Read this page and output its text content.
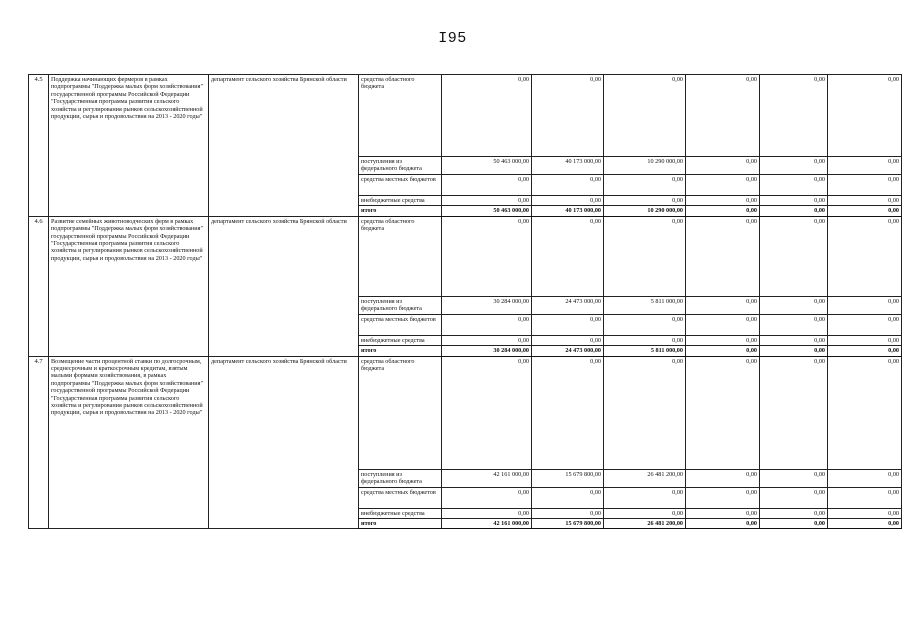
I95
4.5	Поддержка начинающих фермеров в рамках подпрограммы "Поддержка малых форм хозяйствования" государственной программы Российской Федерации "Государственная программа развития сельского хозяйства и регулирования рынков сельскохозяйственной продукции, сырья и продовольствия на 2013 - 2020 годы"	департамент сельского хозяйства Брянской области	средства областного бюджета	0,00	0,00	0,00	0,00	0,00	0,00
			поступления из федерального бюджета	50 463 000,00	40 173 000,00	10 290 000,00	0,00	0,00	0,00
			средства местных бюджетов	0,00	0,00	0,00	0,00	0,00	0,00
			внебюджетные средства	0,00	0,00	0,00	0,00	0,00	0,00
			итого	50 463 000,00	40 173 000,00	10 290 000,00	0,00	0,00	0,00
4.6	Развитие семейных животноводческих ферм в рамках подпрограммы "Поддержка малых форм хозяйствования" государственной программы Российской Федерации "Государственная программа развития сельского хозяйства и регулирования рынков сельскохозяйственной продукции, сырья и продовольствия на 2013 - 2020 годы"	департамент сельского хозяйства Брянской области	средства областного бюджета	0,00	0,00	0,00	0,00	0,00	0,00
			поступления из федерального бюджета	30 284 000,00	24 473 000,00	5 811 000,00	0,00	0,00	0,00
			средства местных бюджетов	0,00	0,00	0,00	0,00	0,00	0,00
			внебюджетные средства	0,00	0,00	0,00	0,00	0,00	0,00
			итого	30 284 000,00	24 473 000,00	5 811 000,00	0,00	0,00	0,00
4.7	Возмещение части процентной ставки по долгосрочным, среднесрочным и краткосрочным кредитам, взятым малыми формами хозяйствования, в рамках подпрограммы "Поддержка малых форм хозяйствования" государственной программы Российской Федерации "Государственная программа развития сельского хозяйства и регулирования рынков сельскохозяйственной продукции, сырья и продовольствия на 2013 - 2020 годы"	департамент сельского хозяйства Брянской области	средства областного бюджета	0,00	0,00	0,00	0,00	0,00	0,00
			поступления из федерального бюджета	42 161 000,00	15 679 800,00	26 481 200,00	0,00	0,00	0,00
			средства местных бюджетов	0,00	0,00	0,00	0,00	0,00	0,00
			внебюджетные средства	0,00	0,00	0,00	0,00	0,00	0,00
			итого	42 161 000,00	15 679 800,00	26 481 200,00	0,00	0,00	0,00
